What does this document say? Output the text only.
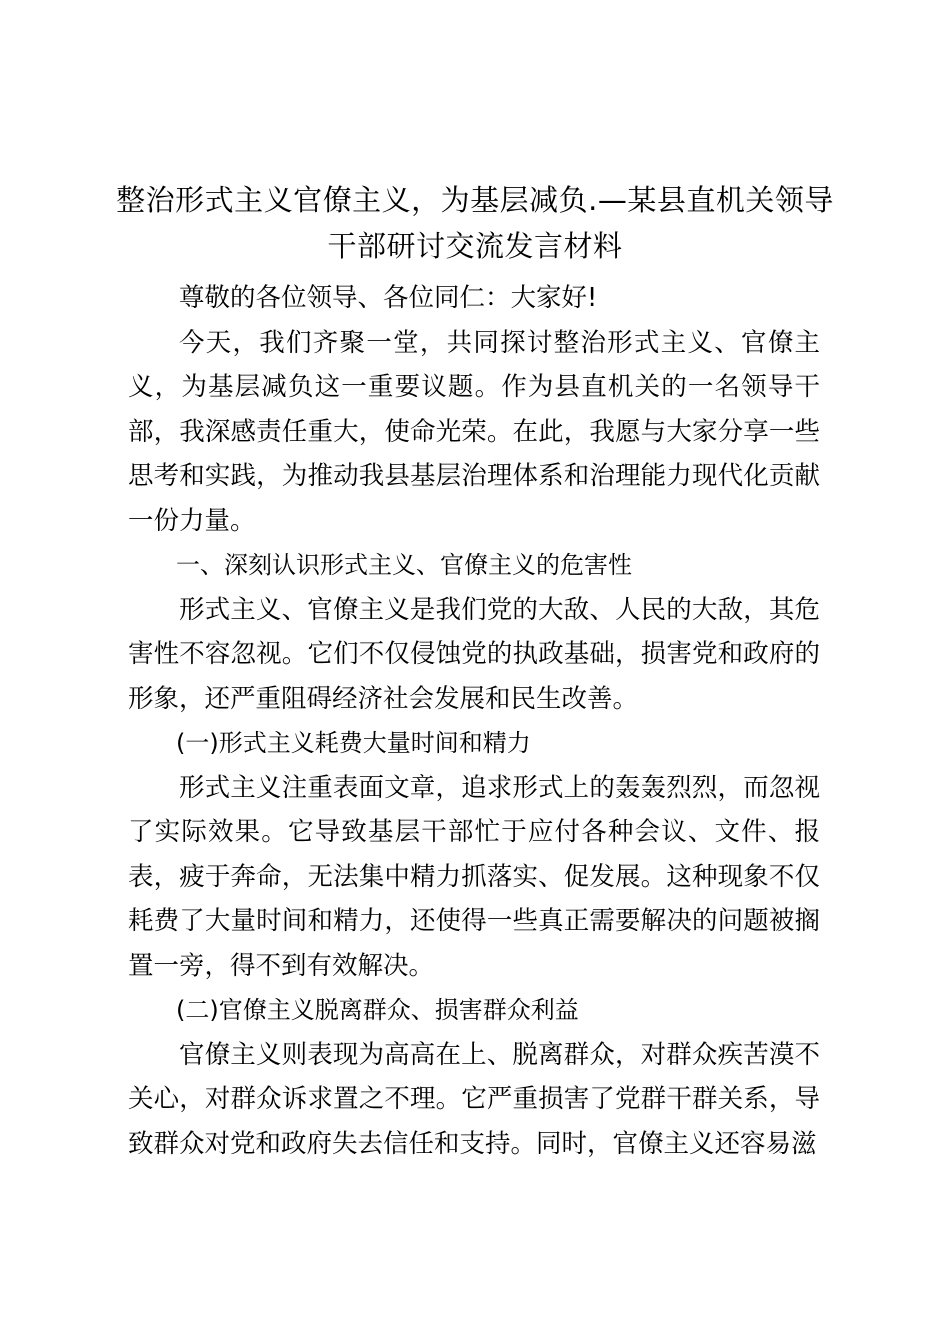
整治形式主义官僚主义，为基层减负.—某县直机关领导
干部研讨交流发言材料

尊敬的各位领导、各位同仁：大家好!

今天，我们齐聚一堂，共同探讨整治形式主义、官僚主义，为基层减负这一重要议题。作为县直机关的一名领导干部，我深感责任重大，使命光荣。在此，我愿与大家分享一些思考和实践，为推动我县基层治理体系和治理能力现代化贡献一份力量。

一、深刻认识形式主义、官僚主义的危害性

形式主义、官僚主义是我们党的大敌、人民的大敌，其危害性不容忽视。它们不仅侵蚀党的执政基础，损害党和政府的形象，还严重阻碍经济社会发展和民生改善。

(一)形式主义耗费大量时间和精力

形式主义注重表面文章，追求形式上的轰轰烈烈，而忽视了实际效果。它导致基层干部忙于应付各种会议、文件、报表，疲于奔命，无法集中精力抓落实、促发展。这种现象不仅耗费了大量时间和精力，还使得一些真正需要解决的问题被搁置一旁，得不到有效解决。

(二)官僚主义脱离群众、损害群众利益

官僚主义则表现为高高在上、脱离群众，对群众疾苦漠不关心，对群众诉求置之不理。它严重损害了党群干群关系，导致群众对党和政府失去信任和支持。同时，官僚主义还容易滋
